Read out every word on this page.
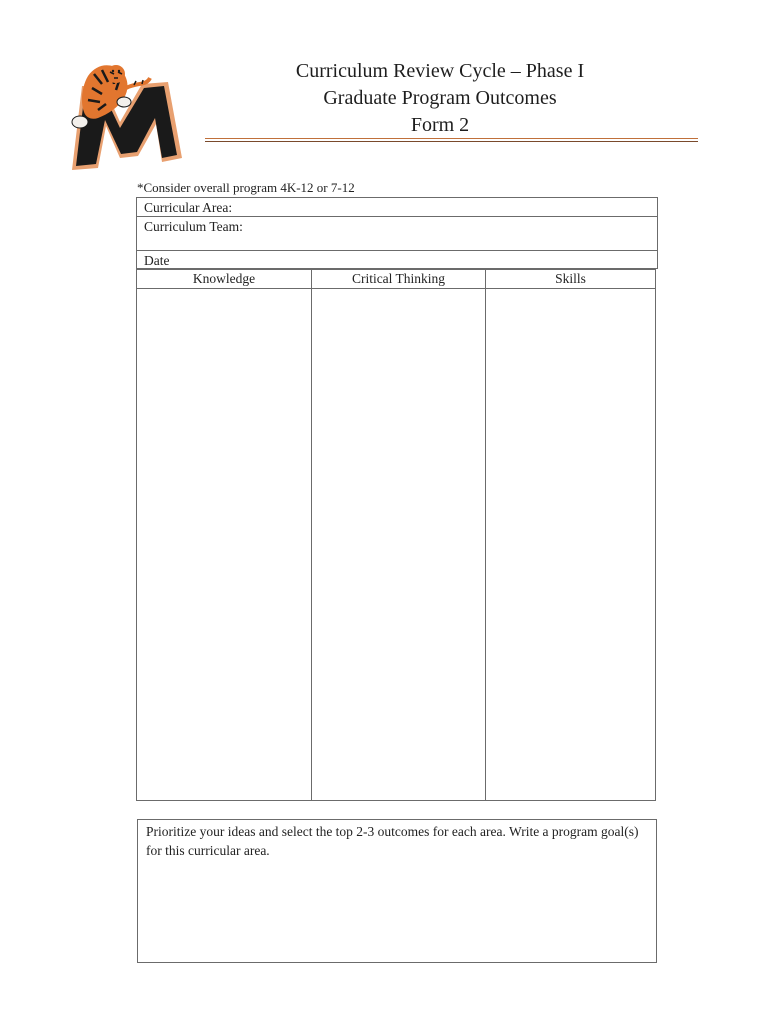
Curriculum Review Cycle – Phase I
Graduate Program Outcomes
Form 2
*Consider overall program 4K-12 or 7-12
Curricular Area:
Curriculum Team:
Date
Knowledge	Critical Thinking	Skills
Prioritize your ideas and select the top 2-3 outcomes for each area. Write a program goal(s) for this curricular area.
